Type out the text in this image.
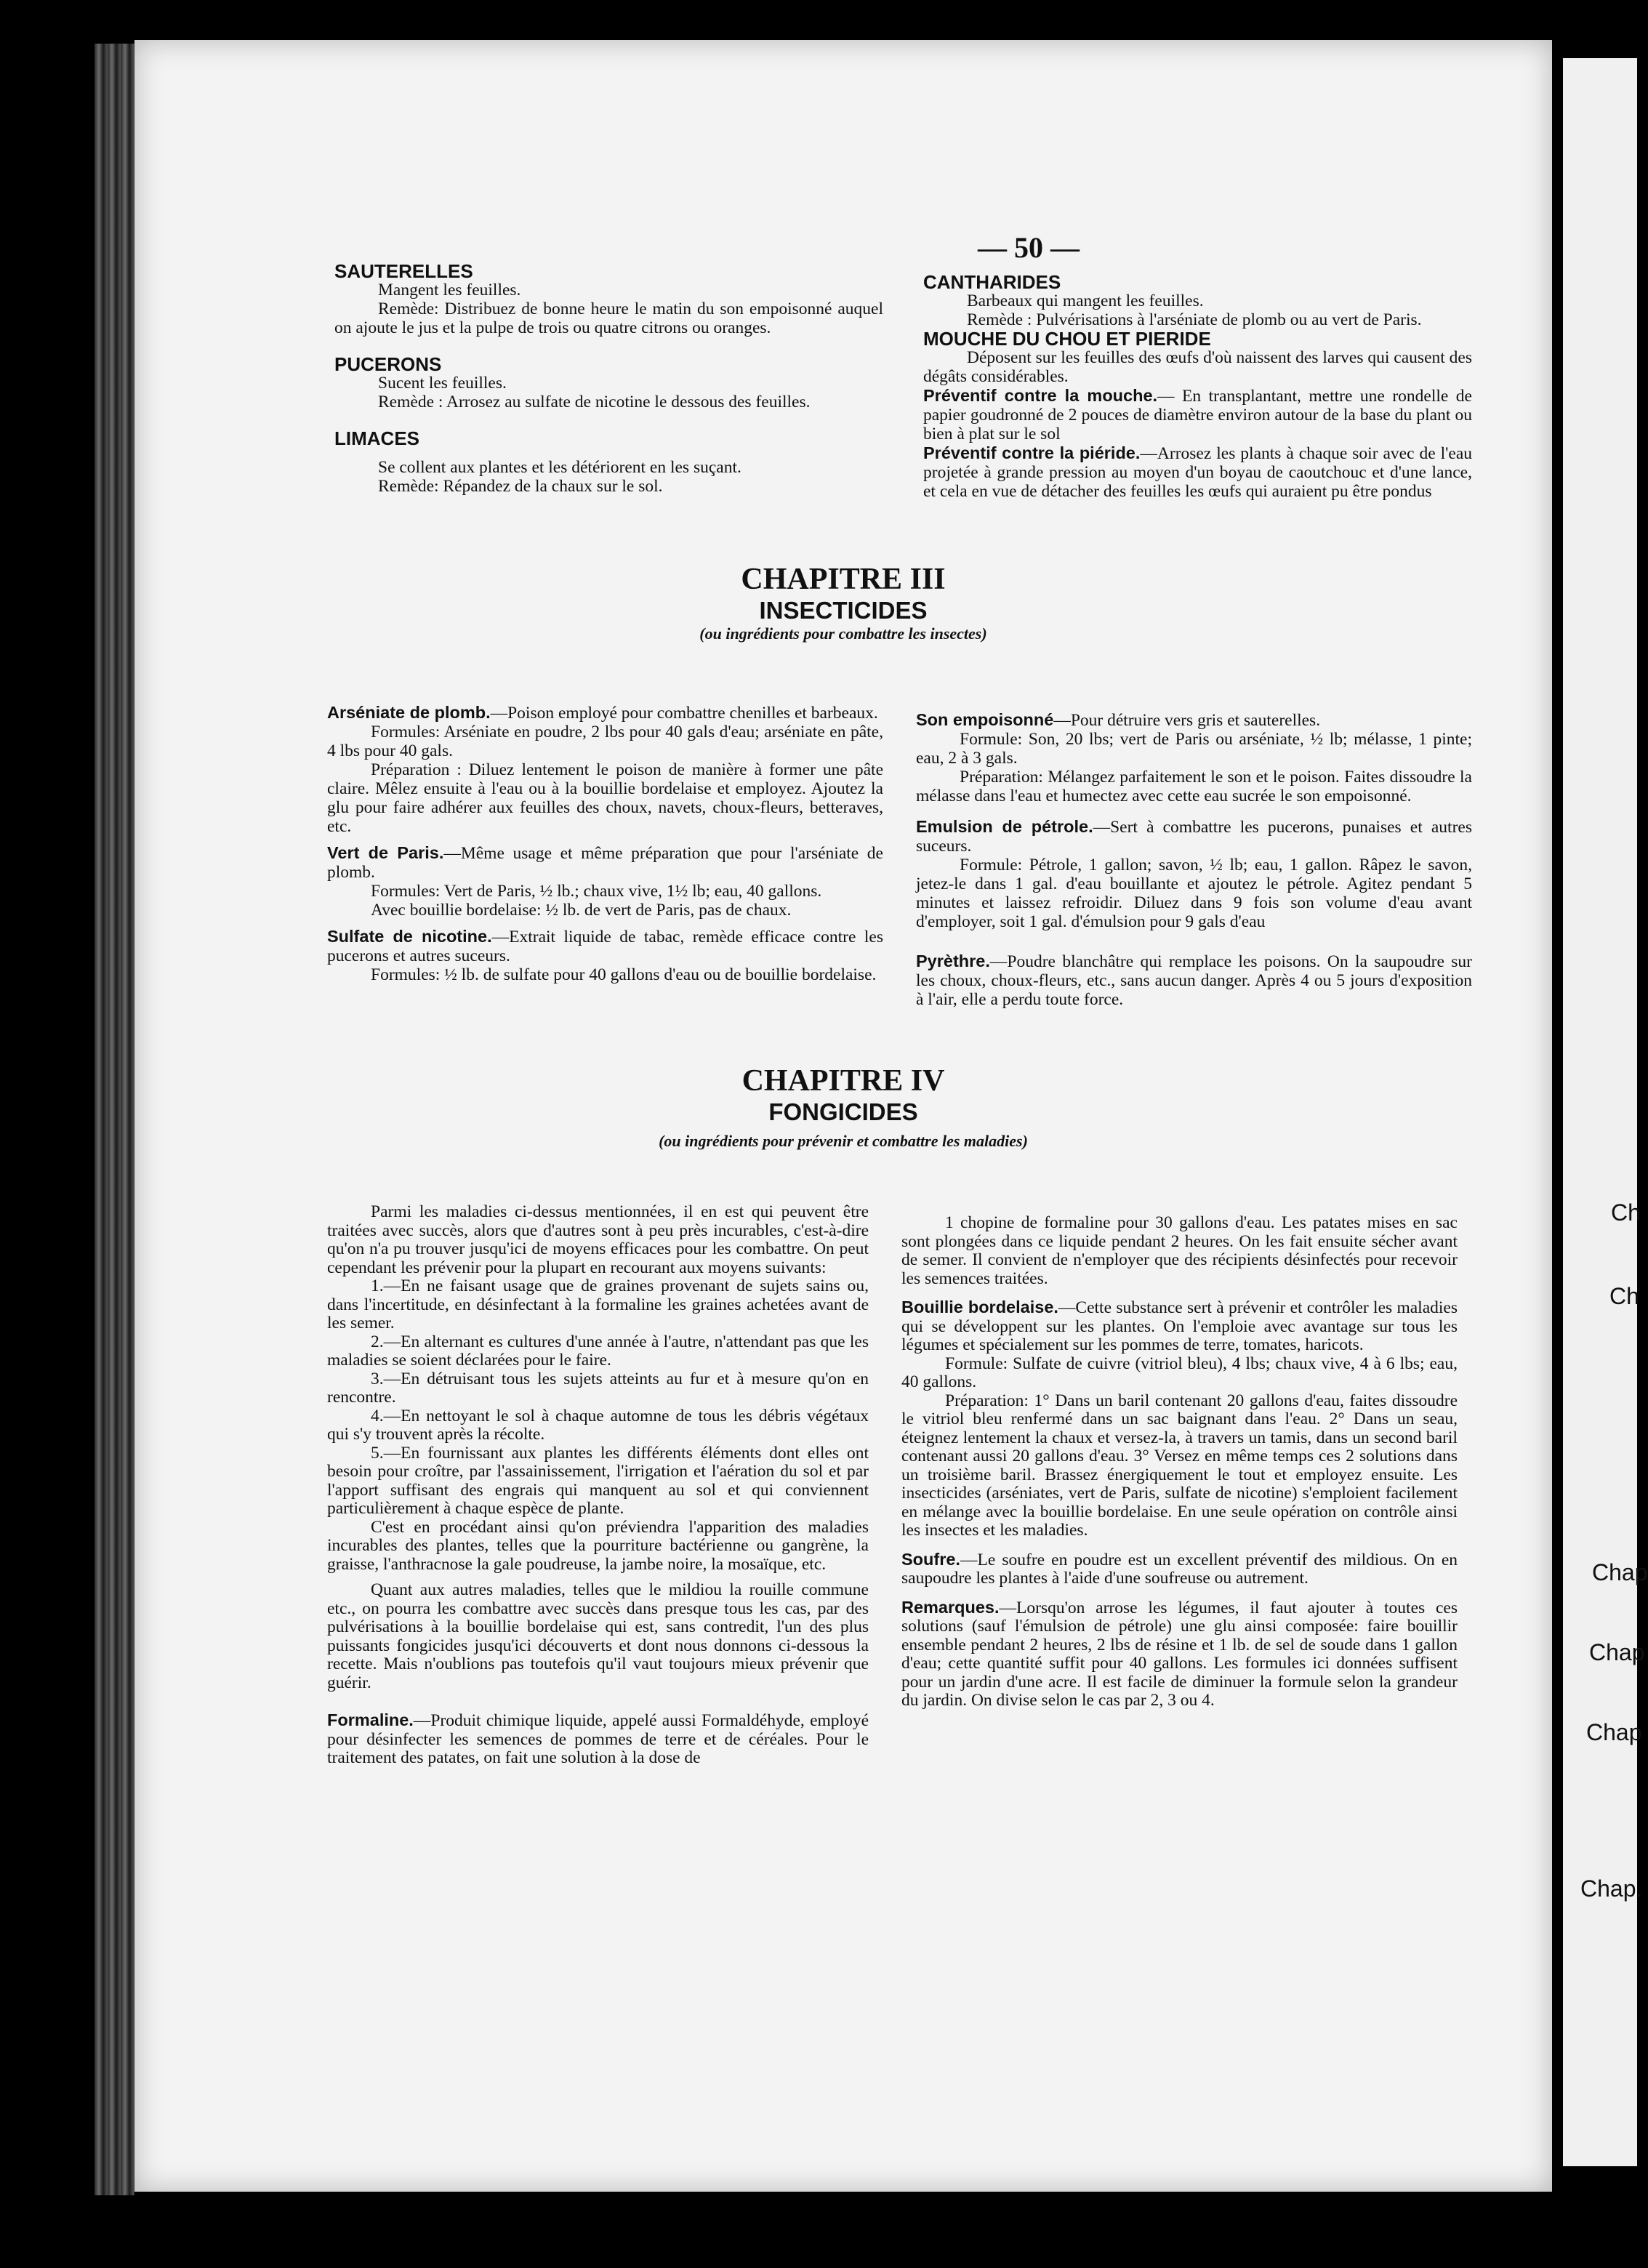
— 50 —

SAUTERELLES

Mangent les feuilles.

Remède: Distribuez de bonne heure le matin du son empoisonné auquel on ajoute le jus et la pulpe de trois ou quatre citrons ou oranges.

PUCERONS

Sucent les feuilles.

Remède : Arrosez au sulfate de nicotine le dessous des feuilles.

LIMACES

Se collent aux plantes et les détériorent en les suçant.

Remède: Répandez de la chaux sur le sol.

CANTHARIDES

Barbeaux qui mangent les feuilles.

Remède : Pulvérisations à l'arséniate de plomb ou au vert de Paris.

MOUCHE DU CHOU ET PIERIDE

Déposent sur les feuilles des œufs d'où naissent des larves qui causent des dégâts considérables.

Préventif contre la mouche.— En transplantant, mettre une rondelle de papier goudronné de 2 pouces de diamètre environ autour de la base du plant ou bien à plat sur le sol

Préventif contre la piéride.—Arrosez les plants à chaque soir avec de l'eau projetée à grande pression au moyen d'un boyau de caoutchouc et d'une lance, et cela en vue de détacher des feuilles les œufs qui auraient pu être pondus

CHAPITRE III
INSECTICIDES
(ou ingrédients pour combattre les insectes)

Arséniate de plomb.—Poison employé pour combattre chenilles et barbeaux.

Formules: Arséniate en poudre, 2 lbs pour 40 gals d'eau; arséniate en pâte, 4 lbs pour 40 gals.

Préparation : Diluez lentement le poison de manière à former une pâte claire. Mêlez ensuite à l'eau ou à la bouillie bordelaise et employez. Ajoutez la glu pour faire adhérer aux feuilles des choux, navets, choux-fleurs, betteraves, etc.

Vert de Paris.—Même usage et même préparation que pour l'arséniate de plomb.

Formules: Vert de Paris, ½ lb.; chaux vive, 1½ lb; eau, 40 gallons.

Avec bouillie bordelaise: ½ lb. de vert de Paris, pas de chaux.

Sulfate de nicotine.—Extrait liquide de tabac, remède efficace contre les pucerons et autres suceurs.

Formules: ½ lb. de sulfate pour 40 gallons d'eau ou de bouillie bordelaise.

Son empoisonné—Pour détruire vers gris et sauterelles.

Formule: Son, 20 lbs; vert de Paris ou arséniate, ½ lb; mélasse, 1 pinte; eau, 2 à 3 gals.

Préparation: Mélangez parfaitement le son et le poison. Faites dissoudre la mélasse dans l'eau et humectez avec cette eau sucrée le son empoisonné.

Emulsion de pétrole.—Sert à combattre les pucerons, punaises et autres suceurs.

Formule: Pétrole, 1 gallon; savon, ½ lb; eau, 1 gallon. Râpez le savon, jetez-le dans 1 gal. d'eau bouillante et ajoutez le pétrole. Agitez pendant 5 minutes et laissez refroidir. Diluez dans 9 fois son volume d'eau avant d'employer, soit 1 gal. d'émulsion pour 9 gals d'eau

Pyrèthre.—Poudre blanchâtre qui remplace les poisons. On la saupoudre sur les choux, choux-fleurs, etc., sans aucun danger. Après 4 ou 5 jours d'exposition à l'air, elle a perdu toute force.

CHAPITRE IV
FONGICIDES
(ou ingrédients pour prévenir et combattre les maladies)

Parmi les maladies ci-dessus mentionnées, il en est qui peuvent être traitées avec succès, alors que d'autres sont à peu près incurables, c'est-à-dire qu'on n'a pu trouver jusqu'ici de moyens efficaces pour les combattre. On peut cependant les prévenir pour la plupart en recourant aux moyens suivants:

1.—En ne faisant usage que de graines provenant de sujets sains ou, dans l'incertitude, en désinfectant à la formaline les graines achetées avant de les semer.

2.—En alternant es cultures d'une année à l'autre, n'attendant pas que les maladies se soient déclarées pour le faire.

3.—En détruisant tous les sujets atteints au fur et à mesure qu'on en rencontre.

4.—En nettoyant le sol à chaque automne de tous les débris végétaux qui s'y trouvent après la récolte.

5.—En fournissant aux plantes les différents éléments dont elles ont besoin pour croître, par l'assainissement, l'irrigation et l'aération du sol et par l'apport suffisant des engrais qui manquent au sol et qui conviennent particulièrement à chaque espèce de plante.

C'est en procédant ainsi qu'on préviendra l'apparition des maladies incurables des plantes, telles que la pourriture bactérienne ou gangrène, la graisse, l'anthracnose la gale poudreuse, la jambe noire, la mosaïque, etc.

Quant aux autres maladies, telles que le mildiou la rouille commune etc., on pourra les combattre avec succès dans presque tous les cas, par des pulvérisations à la bouillie bordelaise qui est, sans contredit, l'un des plus puissants fongicides jusqu'ici découverts et dont nous donnons ci-dessous la recette. Mais n'oublions pas toutefois qu'il vaut toujours mieux prévenir que guérir.

Formaline.—Produit chimique liquide, appelé aussi Formaldéhyde, employé pour désinfecter les semences de pommes de terre et de céréales. Pour le traitement des patates, on fait une solution à la dose de

1 chopine de formaline pour 30 gallons d'eau. Les patates mises en sac sont plongées dans ce liquide pendant 2 heures. On les fait ensuite sécher avant de semer. Il convient de n'employer que des récipients désinfectés pour recevoir les semences traitées.

Bouillie bordelaise.—Cette substance sert à prévenir et contrôler les maladies qui se développent sur les plantes. On l'emploie avec avantage sur tous les légumes et spécialement sur les pommes de terre, tomates, haricots.

Formule: Sulfate de cuivre (vitriol bleu), 4 lbs; chaux vive, 4 à 6 lbs; eau, 40 gallons.

Préparation: 1° Dans un baril contenant 20 gallons d'eau, faites dissoudre le vitriol bleu renfermé dans un sac baignant dans l'eau. 2° Dans un seau, éteignez lentement la chaux et versez-la, à travers un tamis, dans un second baril contenant aussi 20 gallons d'eau. 3° Versez en même temps ces 2 solutions dans un troisième baril. Brassez énergiquement le tout et employez ensuite. Les insecticides (arséniates, vert de Paris, sulfate de nicotine) s'emploient facilement en mélange avec la bouillie bordelaise. En une seule opération on contrôle ainsi les insectes et les maladies.

Soufre.—Le soufre en poudre est un excellent préventif des mildious. On en saupoudre les plantes à l'aide d'une soufreuse ou autrement.

Remarques.—Lorsqu'on arrose les légumes, il faut ajouter à toutes ces solutions (sauf l'émulsion de pétrole) une glu ainsi composée: faire bouillir ensemble pendant 2 heures, 2 lbs de résine et 1 lb. de sel de soude dans 1 gallon d'eau; cette quantité suffit pour 40 gallons. Les formules ici données suffisent pour un jardin d'une acre. Il est facile de diminuer la formule selon la grandeur du jardin. On divise selon le cas par 2, 3 ou 4.

Ch
Ch
Chap
Chap
Chap
Chap.
